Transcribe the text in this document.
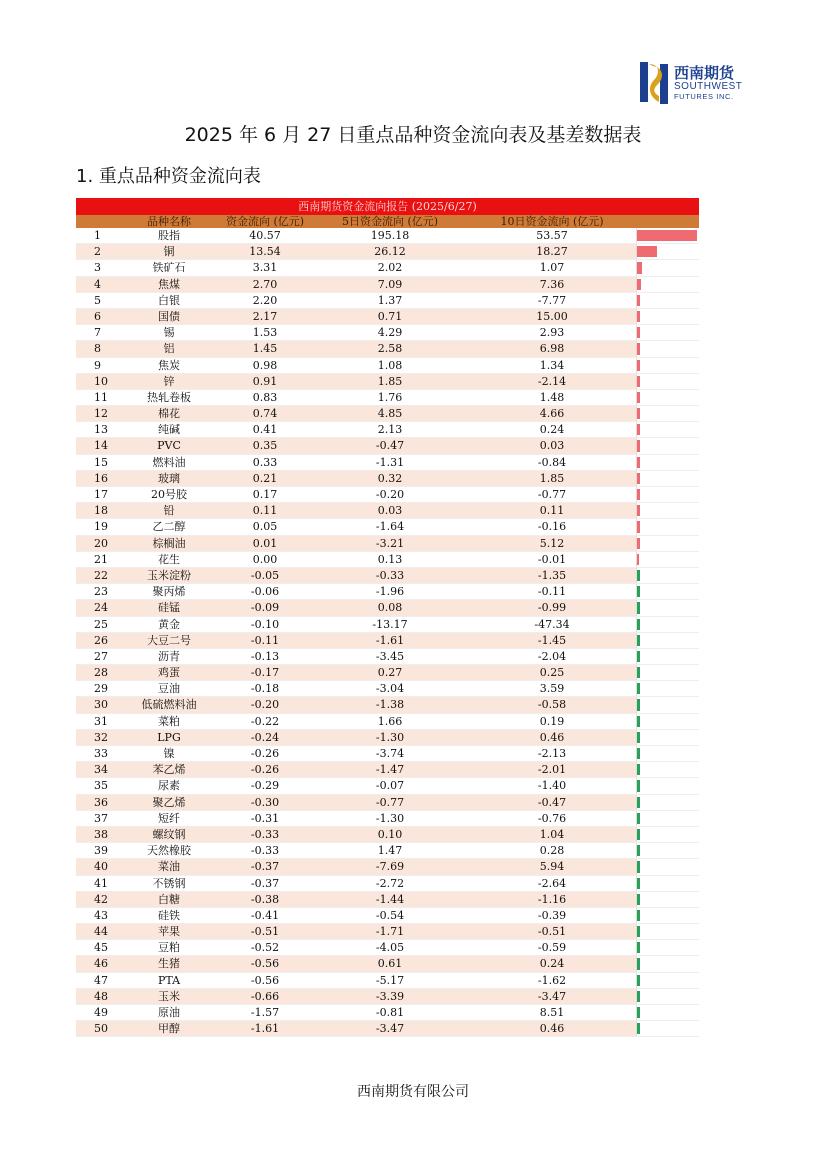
西南期货
SOUTHWEST
FUTURES INC.
2025 年 6 月 27 日重点品种资金流向表及基差数据表
1. 重点品种资金流向表
西南期货资金流向报告 (2025/6/27)
品种名称	资金流向 (亿元)	5日资金流向 (亿元)	10日资金流向 (亿元)
1	股指	40.57	195.18	53.57
2	铜	13.54	26.12	18.27
3	铁矿石	3.31	2.02	1.07
4	焦煤	2.70	7.09	7.36
5	白银	2.20	1.37	-7.77
6	国债	2.17	0.71	15.00
7	锡	1.53	4.29	2.93
8	铝	1.45	2.58	6.98
9	焦炭	0.98	1.08	1.34
10	锌	0.91	1.85	-2.14
11	热轧卷板	0.83	1.76	1.48
12	棉花	0.74	4.85	4.66
13	纯碱	0.41	2.13	0.24
14	PVC	0.35	-0.47	0.03
15	燃料油	0.33	-1.31	-0.84
16	玻璃	0.21	0.32	1.85
17	20号胶	0.17	-0.20	-0.77
18	铅	0.11	0.03	0.11
19	乙二醇	0.05	-1.64	-0.16
20	棕榈油	0.01	-3.21	5.12
21	花生	0.00	0.13	-0.01
22	玉米淀粉	-0.05	-0.33	-1.35
23	聚丙烯	-0.06	-1.96	-0.11
24	硅锰	-0.09	0.08	-0.99
25	黄金	-0.10	-13.17	-47.34
26	大豆二号	-0.11	-1.61	-1.45
27	沥青	-0.13	-3.45	-2.04
28	鸡蛋	-0.17	0.27	0.25
29	豆油	-0.18	-3.04	3.59
30	低硫燃料油	-0.20	-1.38	-0.58
31	菜粕	-0.22	1.66	0.19
32	LPG	-0.24	-1.30	0.46
33	镍	-0.26	-3.74	-2.13
34	苯乙烯	-0.26	-1.47	-2.01
35	尿素	-0.29	-0.07	-1.40
36	聚乙烯	-0.30	-0.77	-0.47
37	短纤	-0.31	-1.30	-0.76
38	螺纹钢	-0.33	0.10	1.04
39	天然橡胶	-0.33	1.47	0.28
40	菜油	-0.37	-7.69	5.94
41	不锈钢	-0.37	-2.72	-2.64
42	白糖	-0.38	-1.44	-1.16
43	硅铁	-0.41	-0.54	-0.39
44	苹果	-0.51	-1.71	-0.51
45	豆粕	-0.52	-4.05	-0.59
46	生猪	-0.56	0.61	0.24
47	PTA	-0.56	-5.17	-1.62
48	玉米	-0.66	-3.39	-3.47
49	原油	-1.57	-0.81	8.51
50	甲醇	-1.61	-3.47	0.46
西南期货有限公司
